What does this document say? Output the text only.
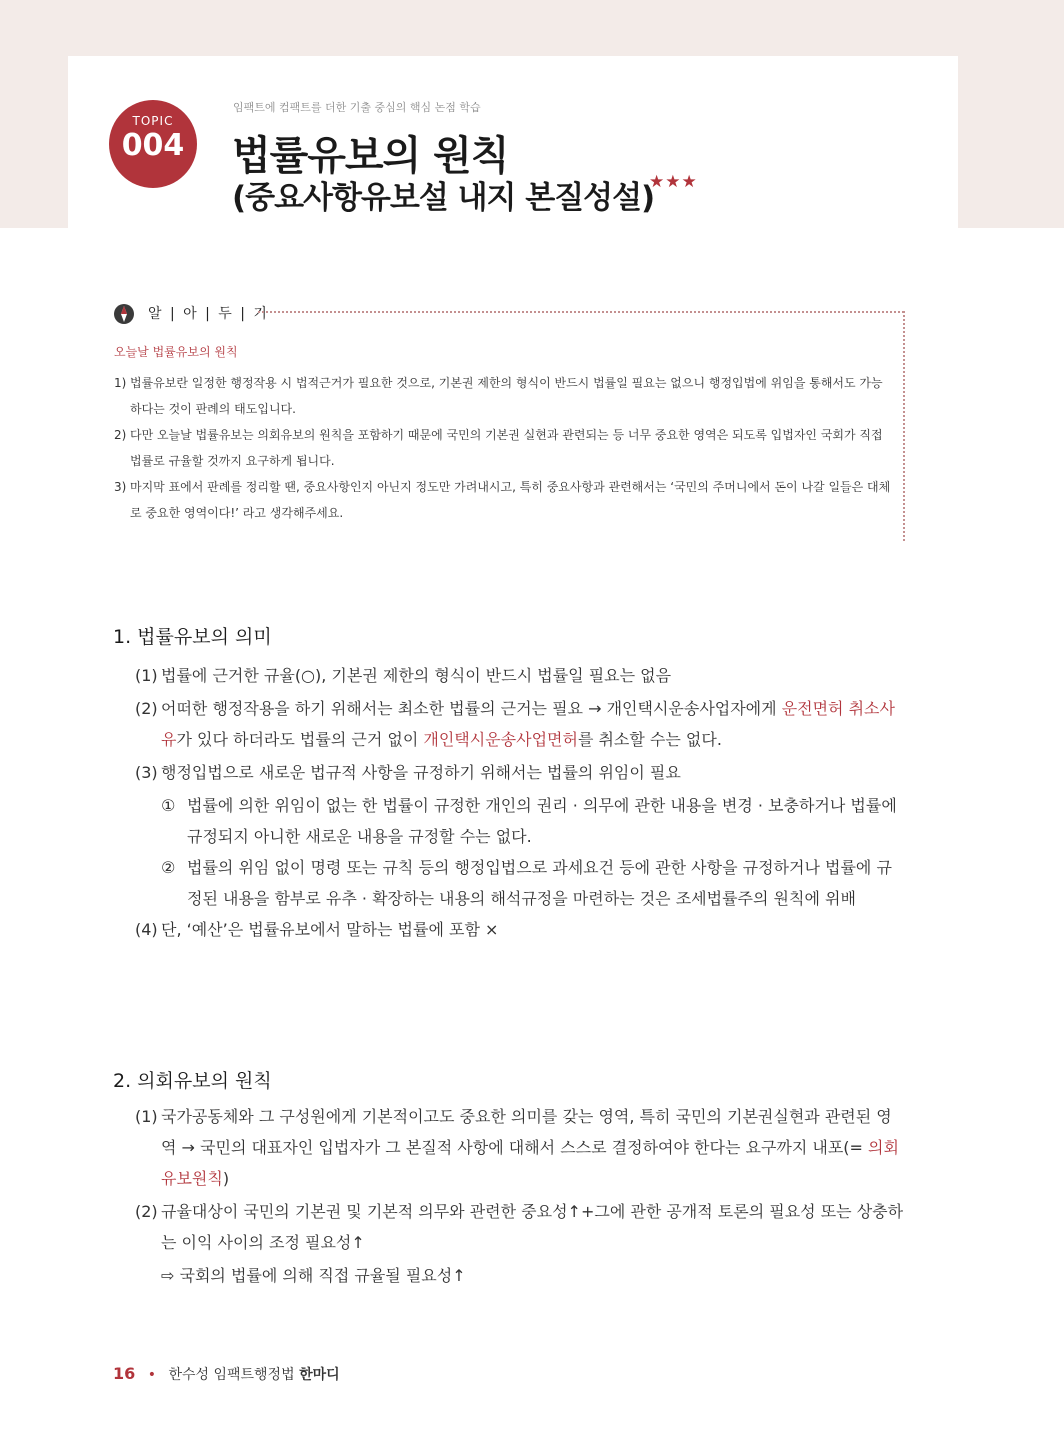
TOPIC
004
임팩트에 컴팩트를 더한 기출 중심의 핵심 논점 학습
법률유보의 원칙
(중요사항유보설 내지 본질성설)
★★★
알 | 아 | 두 | 기
오늘날 법률유보의 원칙
1) 법률유보란 일정한 행정작용 시 법적근거가 필요한 것으로, 기본권 제한의 형식이 반드시 법률일 필요는 없으니 행정입법에 위임을 통해서도 가능하다는 것이 판례의 태도입니다.
2) 다만 오늘날 법률유보는 의회유보의 원칙을 포함하기 때문에 국민의 기본권 실현과 관련되는 등 너무 중요한 영역은 되도록 입법자인 국회가 직접 법률로 규율할 것까지 요구하게 됩니다.
3) 마지막 표에서 판례를 정리할 땐, 중요사항인지 아닌지 정도만 가려내시고, 특히 중요사항과 관련해서는 ‘국민의 주머니에서 돈이 나갈 일들은 대체로 중요한 영역이다!’ 라고 생각해주세요.
1. 법률유보의 의미
(1) 법률에 근거한 규율(○), 기본권 제한의 형식이 반드시 법률일 필요는 없음
(2) 어떠한 행정작용을 하기 위해서는 최소한 법률의 근거는 필요 → 개인택시운송사업자에게 운전면허 취소사유가 있다 하더라도 법률의 근거 없이 개인택시운송사업면허를 취소할 수는 없다.
(3) 행정입법으로 새로운 법규적 사항을 규정하기 위해서는 법률의 위임이 필요
① 법률에 의한 위임이 없는 한 법률이 규정한 개인의 권리 · 의무에 관한 내용을 변경 · 보충하거나 법률에 규정되지 아니한 새로운 내용을 규정할 수는 없다.
② 법률의 위임 없이 명령 또는 규칙 등의 행정입법으로 과세요건 등에 관한 사항을 규정하거나 법률에 규정된 내용을 함부로 유추 · 확장하는 내용의 해석규정을 마련하는 것은 조세법률주의 원칙에 위배
(4) 단, ‘예산’은 법률유보에서 말하는 법률에 포함 ×
2. 의회유보의 원칙
(1) 국가공동체와 그 구성원에게 기본적이고도 중요한 의미를 갖는 영역, 특히 국민의 기본권실현과 관련된 영역 → 국민의 대표자인 입법자가 그 본질적 사항에 대해서 스스로 결정하여야 한다는 요구까지 내포(= 의회유보원칙)
(2) 규율대상이 국민의 기본권 및 기본적 의무와 관련한 중요성↑+그에 관한 공개적 토론의 필요성 또는 상충하는 이익 사이의 조정 필요성↑
⇨ 국회의 법률에 의해 직접 규율될 필요성↑
16 • 한수성 임팩트행정법 한마디
